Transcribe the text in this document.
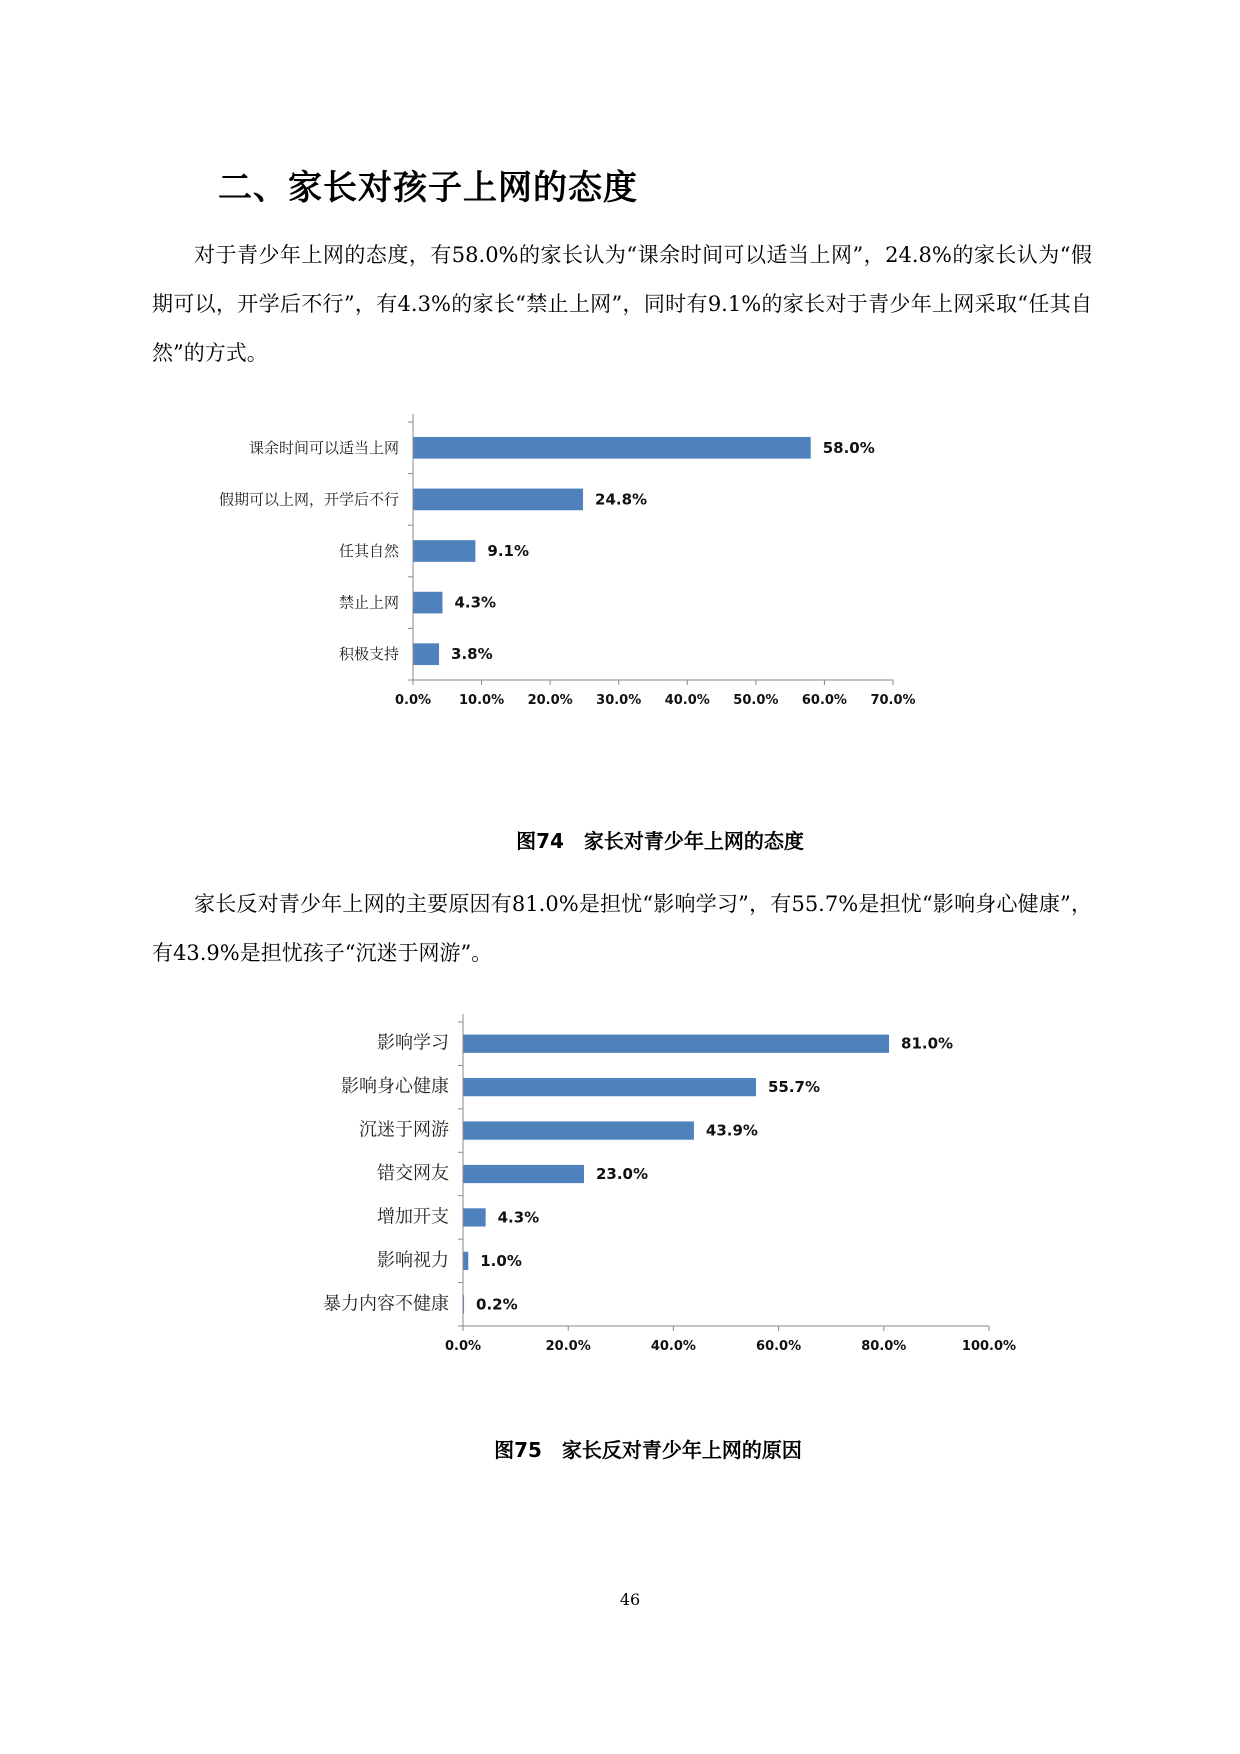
二、家长对孩子上网的态度

对于青少年上网的态度，有58.0%的家长认为“课余时间可以适当上网”，24.8%的家长认为“假期可以，开学后不行”，有4.3%的家长“禁止上网”，同时有9.1%的家长对于青少年上网采取“任其自然”的方式。

课余时间可以适当上网	58.0%
假期可以上网，开学后不行	24.8%
任其自然	9.1%
禁止上网	4.3%
积极支持	3.8%
0.0% 10.0% 20.0% 30.0% 40.0% 50.0% 60.0% 70.0%

图74　家长对青少年上网的态度

家长反对青少年上网的主要原因有81.0%是担忧“影响学习”，有55.7%是担忧“影响身心健康”，有43.9%是担忧孩子“沉迷于网游”。

影响学习	81.0%
影响身心健康	55.7%
沉迷于网游	43.9%
错交网友	23.0%
增加开支	4.3%
影响视力 1.0%
暴力内容不健康 0.2%
0.0%	20.0%	40.0%	60.0%	80.0%	100.0%

图75　家长反对青少年上网的原因

46
